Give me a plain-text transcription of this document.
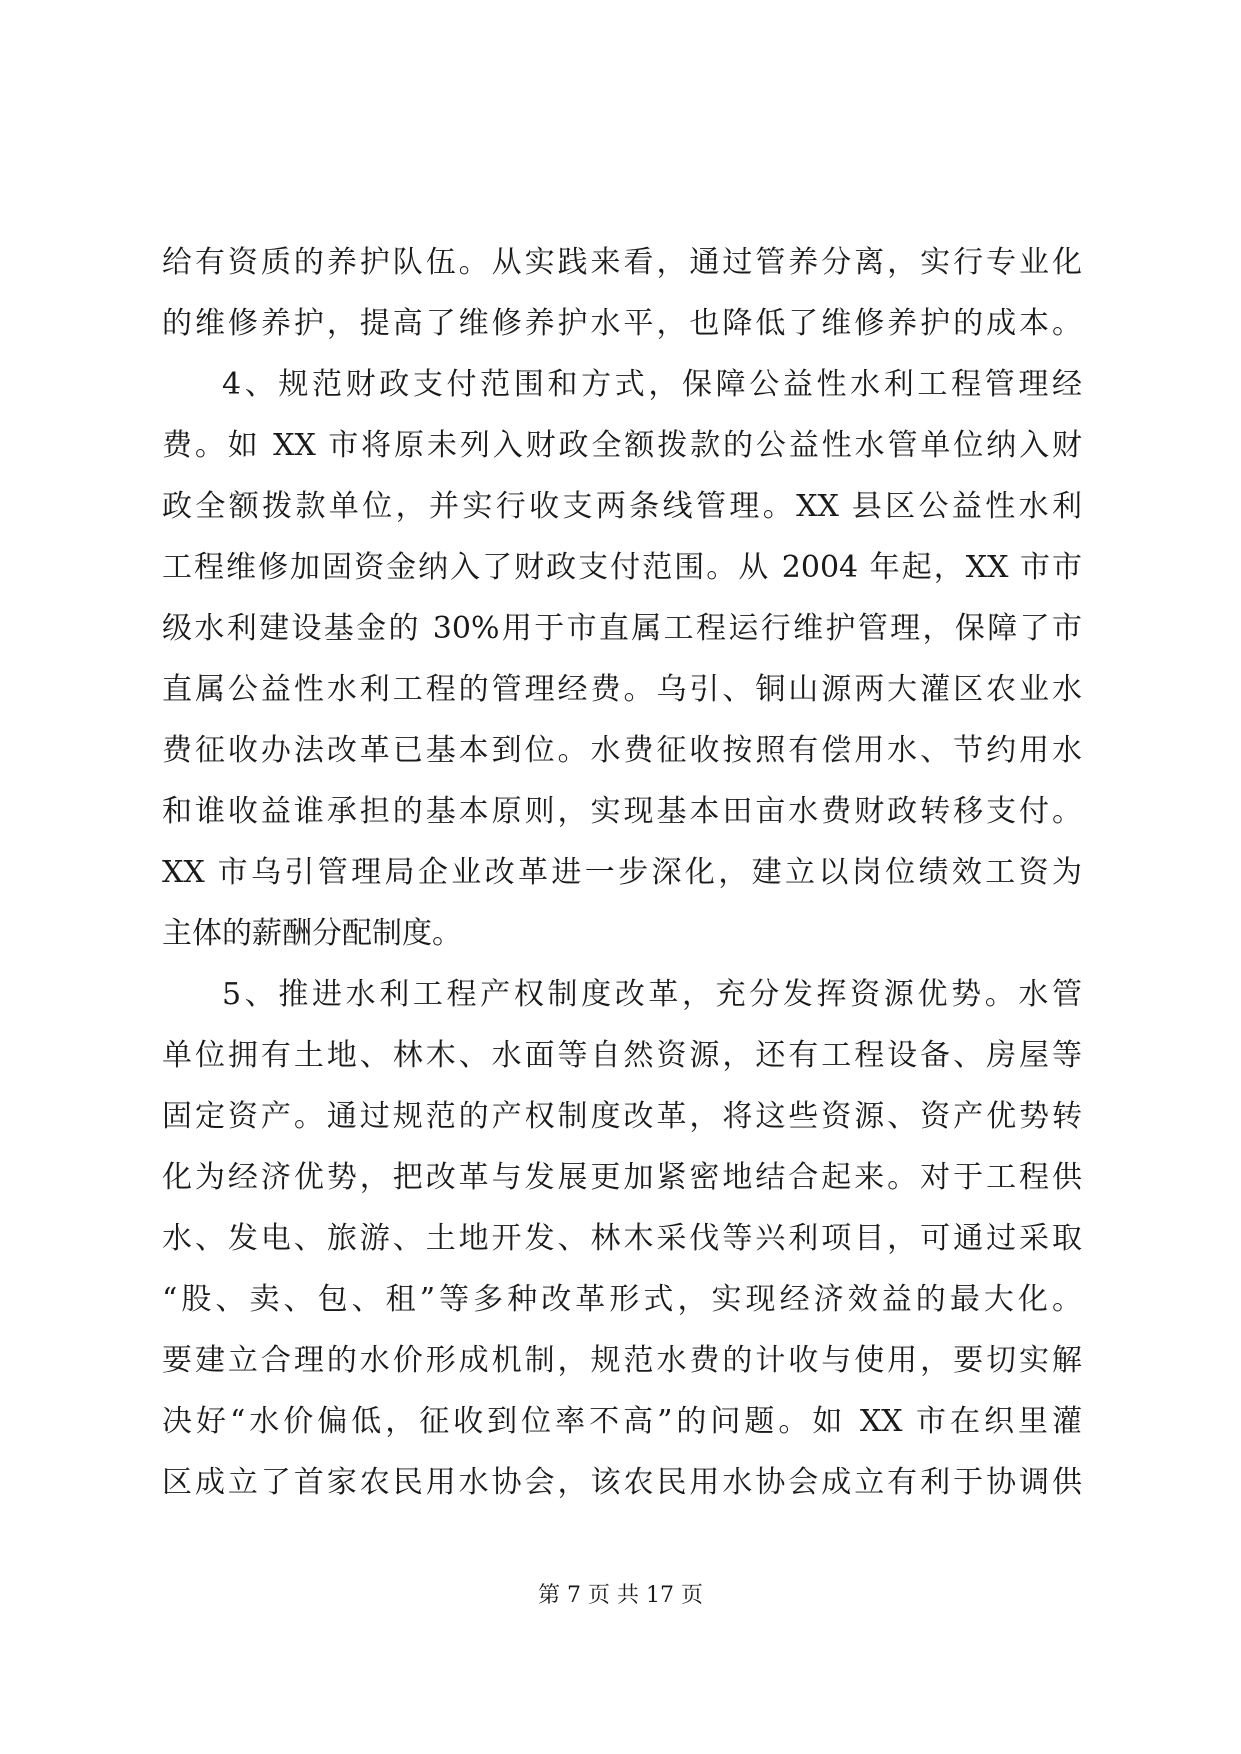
给有资质的养护队伍。从实践来看，通过管养分离，实行专业化
的维修养护，提高了维修养护水平，也降低了维修养护的成本。
4、规范财政支付范围和方式，保障公益性水利工程管理经
费。如 XX 市将原未列入财政全额拨款的公益性水管单位纳入财
政全额拨款单位，并实行收支两条线管理。XX 县区公益性水利
工程维修加固资金纳入了财政支付范围。从 2004 年起，XX 市市
级水利建设基金的 30%用于市直属工程运行维护管理，保障了市
直属公益性水利工程的管理经费。乌引、铜山源两大灌区农业水
费征收办法改革已基本到位。水费征收按照有偿用水、节约用水
和谁收益谁承担的基本原则，实现基本田亩水费财政转移支付。
XX 市乌引管理局企业改革进一步深化，建立以岗位绩效工资为
主体的薪酬分配制度。
5、推进水利工程产权制度改革，充分发挥资源优势。水管
单位拥有土地、林木、水面等自然资源，还有工程设备、房屋等
固定资产。通过规范的产权制度改革，将这些资源、资产优势转
化为经济优势，把改革与发展更加紧密地结合起来。对于工程供
水、发电、旅游、土地开发、林木采伐等兴利项目，可通过采取
“股、卖、包、租”等多种改革形式，实现经济效益的最大化。
要建立合理的水价形成机制，规范水费的计收与使用，要切实解
决好“水价偏低，征收到位率不高”的问题。如 XX 市在织里灌
区成立了首家农民用水协会，该农民用水协会成立有利于协调供
第 7 页 共 17 页
